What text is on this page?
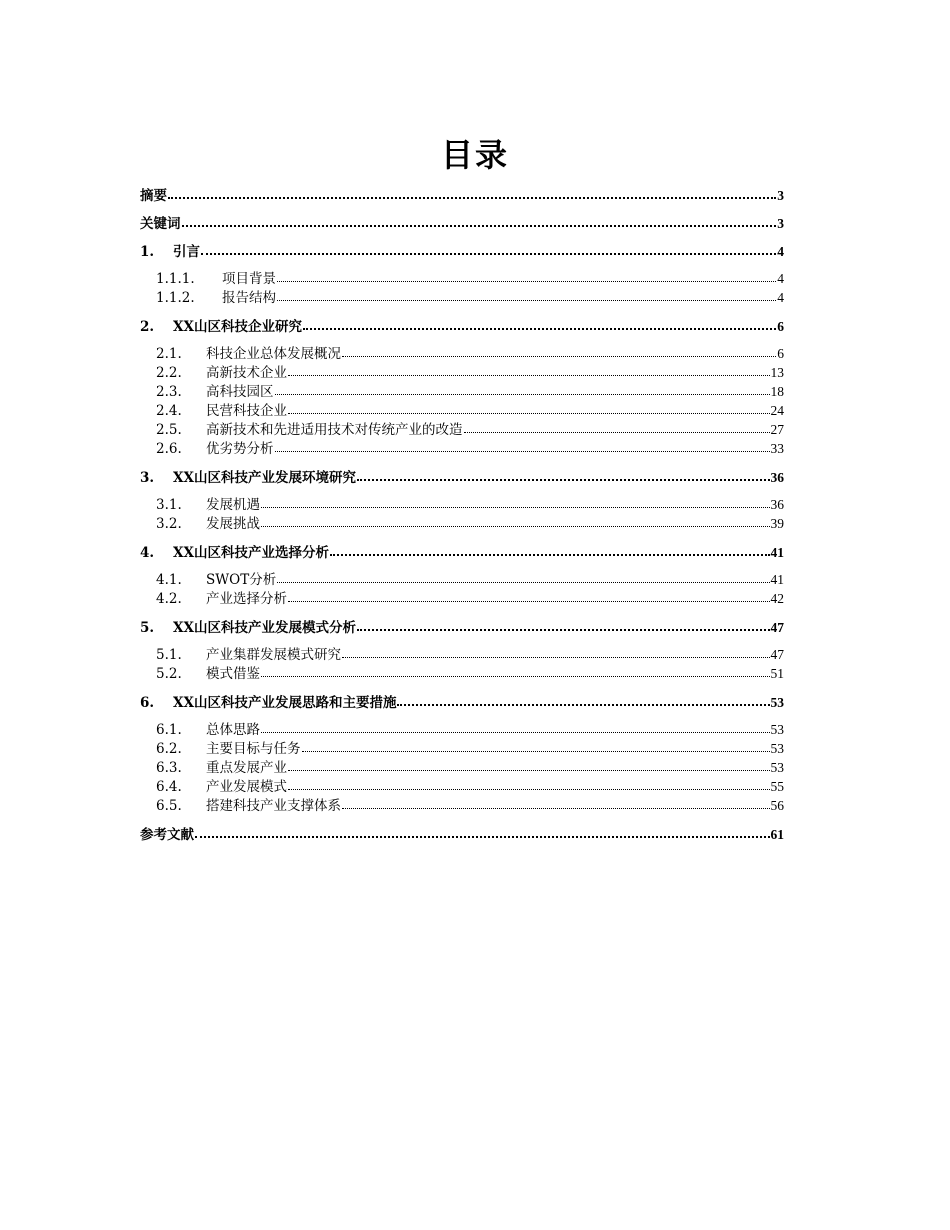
目录
摘要	3
关键词	3
1.	引言	4
1.1.1.	项目背景	4
1.1.2.	报告结构	4
2.	XX山区科技企业研究	6
2.1.	科技企业总体发展概况	6
2.2.	高新技术企业	13
2.3.	高科技园区	18
2.4.	民营科技企业	24
2.5.	高新技术和先进适用技术对传统产业的改造	27
2.6.	优劣势分析	33
3.	XX山区科技产业发展环境研究	36
3.1.	发展机遇	36
3.2.	发展挑战	39
4.	XX山区科技产业选择分析	41
4.1.	SWOT分析	41
4.2.	产业选择分析	42
5.	XX山区科技产业发展模式分析	47
5.1.	产业集群发展模式研究	47
5.2.	模式借鉴	51
6.	XX山区科技产业发展思路和主要措施	53
6.1.	总体思路	53
6.2.	主要目标与任务	53
6.3.	重点发展产业	53
6.4.	产业发展模式	55
6.5.	搭建科技产业支撑体系	56
参考文献	61
